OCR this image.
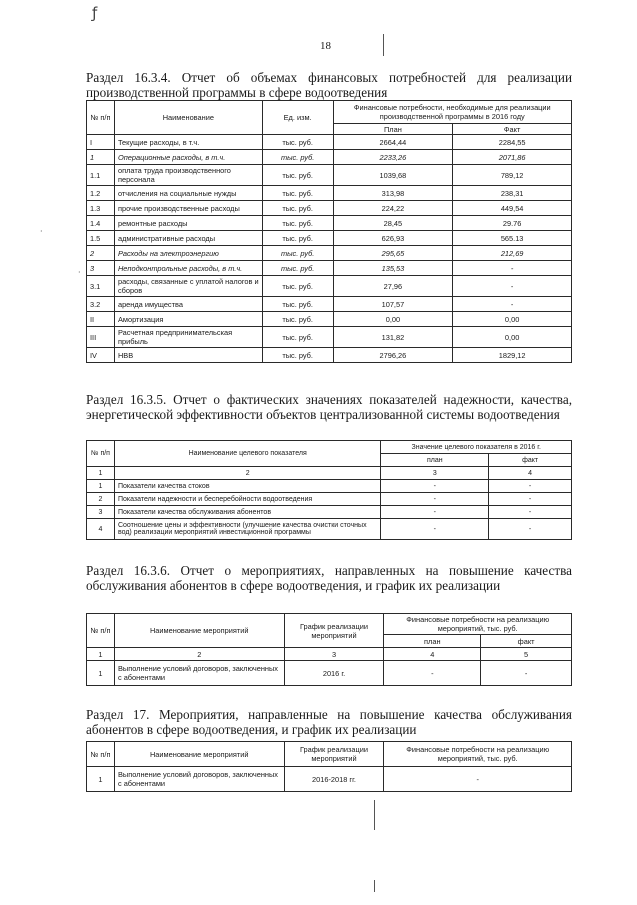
ƒ
·
·
18
Раздел 16.3.4. Отчет об объемах финансовых потребностей для реализации производственной программы в сфере водоотведения
№ п/п	Наименование	Ед. изм.	Финансовые потребности, необходимые для реализации производственной программы в 2016 году	
			План	Факт
I	Текущие расходы, в т.ч.	тыс. руб.	2664,44	2284,55
1	Операционные расходы, в т.ч.	тыс. руб.	2233,26	2071,86
1.1	оплата труда производственного персонала	тыс. руб.	1039,68	789,12
1.2	отчисления на социальные нужды	тыс. руб.	313,98	238,31
1.3	прочие производственные расходы	тыс. руб.	224,22	449,54
1.4	ремонтные расходы	тыс. руб.	28,45	29.76
1.5	административные расходы	тыс. руб.	626,93	565.13
2	Расходы на электроэнергию	тыс. руб.	295,65	212,69
3	Неподконтрольные расходы, в т.ч.	тыс. руб.	135,53	-
3.1	расходы, связанные с уплатой налогов и сборов	тыс. руб.	27,96	-
3.2	аренда имущества	тыс. руб.	107,57	-
II	Амортизация	тыс. руб.	0,00	0,00
III	Расчетная предпринимательская прибыль	тыс. руб.	131,82	0,00
IV	НВВ	тыс. руб.	2796,26	1829,12
Раздел 16.3.5. Отчет о фактических значениях показателей надежности, качества, энергетической эффективности объектов централизованной системы водоотведения
№ п/п	Наименование целевого показателя	Значение целевого показателя в 2016 г.	
		план	факт
1	2	3	4
1	Показатели качества стоков	-	-
2	Показатели надежности и бесперебойности водоотведения	-	-
3	Показатели качества обслуживания абонентов	-	-
4	Соотношение цены и эффективности (улучшение качества очистки сточных вод) реализации мероприятий инвестиционной программы	-	-
Раздел 16.3.6. Отчет о мероприятиях, направленных на повышение качества обслуживания абонентов в сфере водоотведения, и график их реализации
№ п/п	Наименование мероприятий	График реализации мероприятий	Финансовые потребности на реализацию мероприятий, тыс. руб.	
			план	факт
1	2	3	4	5
1	Выполнение условий договоров, заключенных с абонентами	2016 г.	-	-
Раздел 17. Мероприятия, направленные на повышение качества обслуживания абонентов в сфере водоотведения, и график их реализации
№ п/п	Наименование мероприятий	График реализации мероприятий	Финансовые потребности на реализацию мероприятий, тыс. руб.
1	Выполнение условий договоров, заключенных с абонентами	2016-2018 гг.	-
